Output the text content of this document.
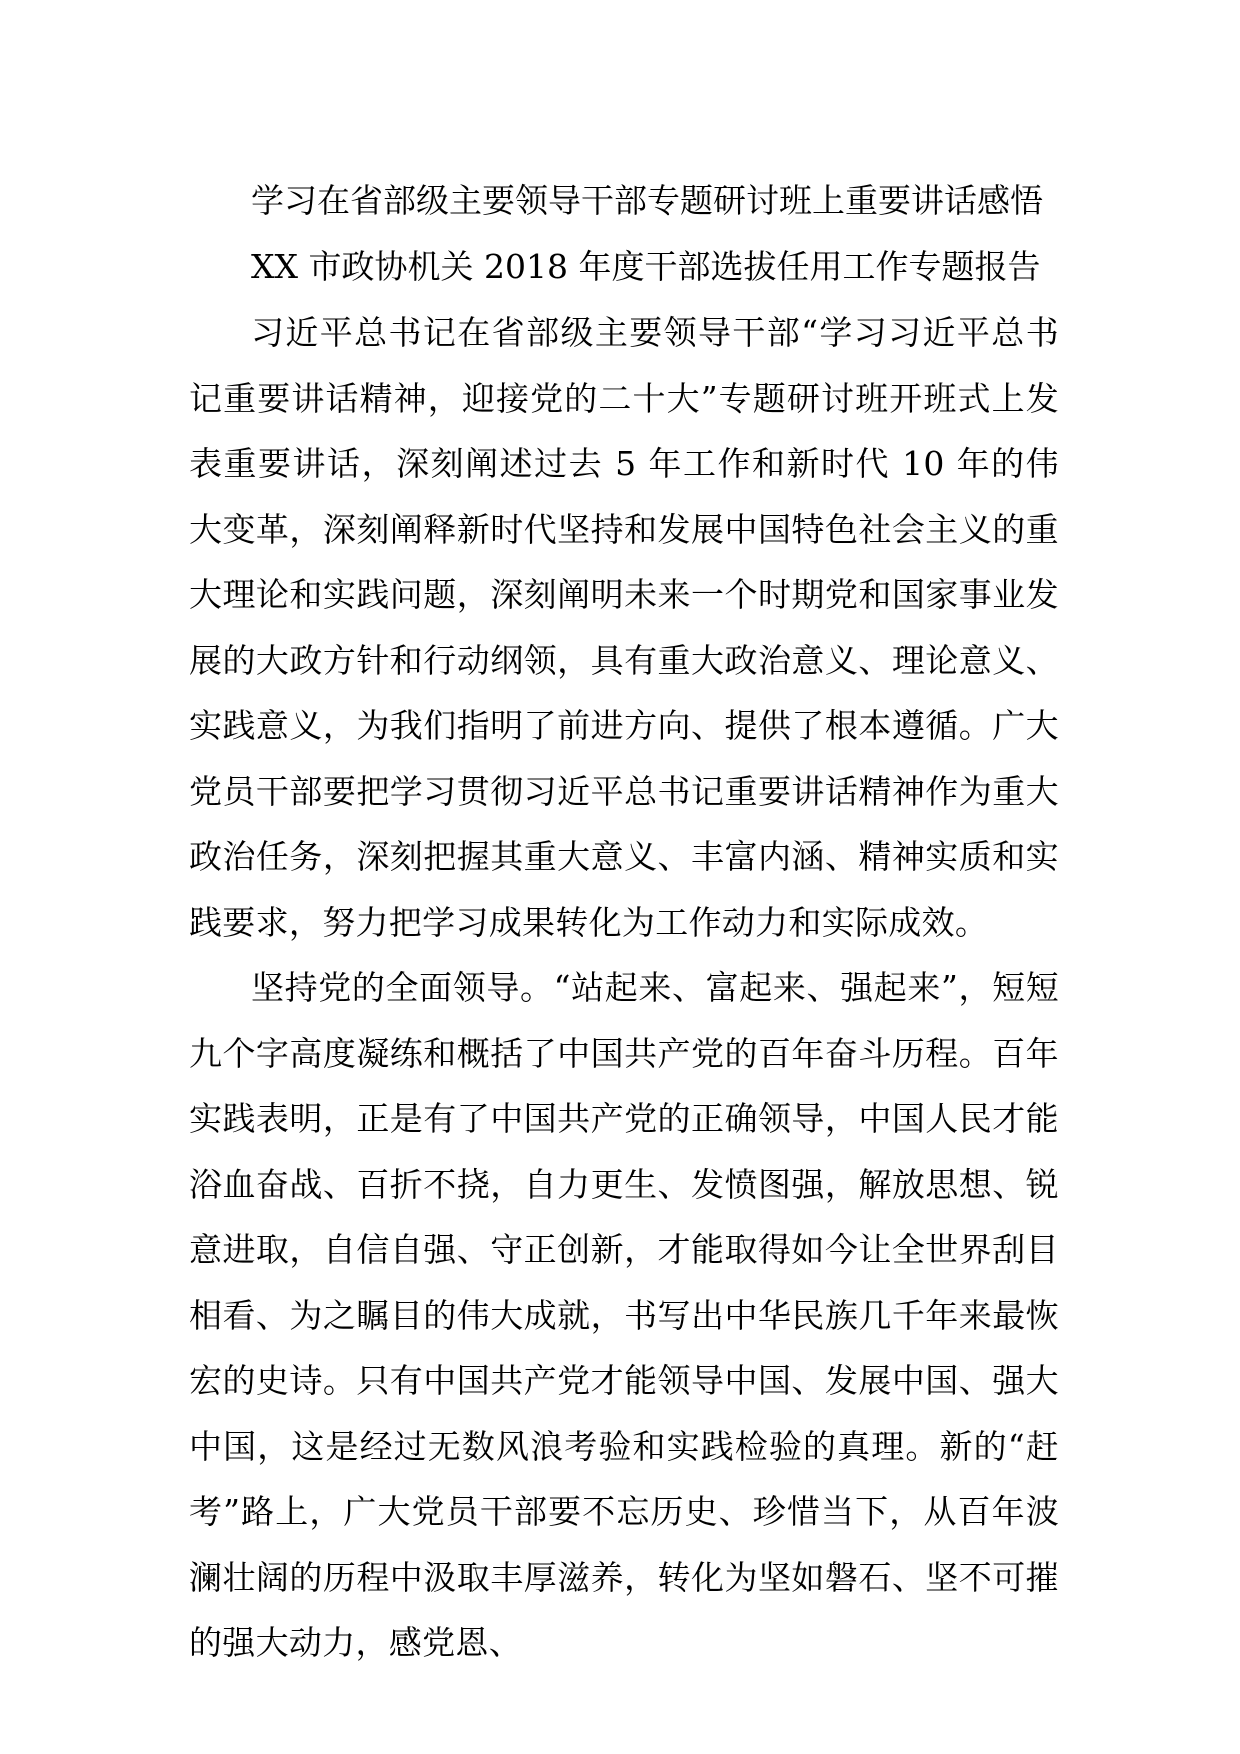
学习在省部级主要领导干部专题研讨班上重要讲话感悟
XX 市政协机关 2018 年度干部选拔任用工作专题报告

习近平总书记在省部级主要领导干部“学习习近平总书记重要讲话精神，迎接党的二十大”专题研讨班开班式上发表重要讲话，深刻阐述过去 5 年工作和新时代 10 年的伟大变革，深刻阐释新时代坚持和发展中国特色社会主义的重大理论和实践问题，深刻阐明未来一个时期党和国家事业发展的大政方针和行动纲领，具有重大政治意义、理论意义、实践意义，为我们指明了前进方向、提供了根本遵循。广大党员干部要把学习贯彻习近平总书记重要讲话精神作为重大政治任务，深刻把握其重大意义、丰富内涵、精神实质和实践要求，努力把学习成果转化为工作动力和实际成效。

坚持党的全面领导。“站起来、富起来、强起来”，短短九个字高度凝练和概括了中国共产党的百年奋斗历程。百年实践表明，正是有了中国共产党的正确领导，中国人民才能浴血奋战、百折不挠，自力更生、发愤图强，解放思想、锐意进取，自信自强、守正创新，才能取得如今让全世界刮目相看、为之瞩目的伟大成就，书写出中华民族几千年来最恢宏的史诗。只有中国共产党才能领导中国、发展中国、强大中国，这是经过无数风浪考验和实践检验的真理。新的“赶考”路上，广大党员干部要不忘历史、珍惜当下，从百年波澜壮阔的历程中汲取丰厚滋养，转化为坚如磐石、坚不可摧的强大动力，感党恩、
